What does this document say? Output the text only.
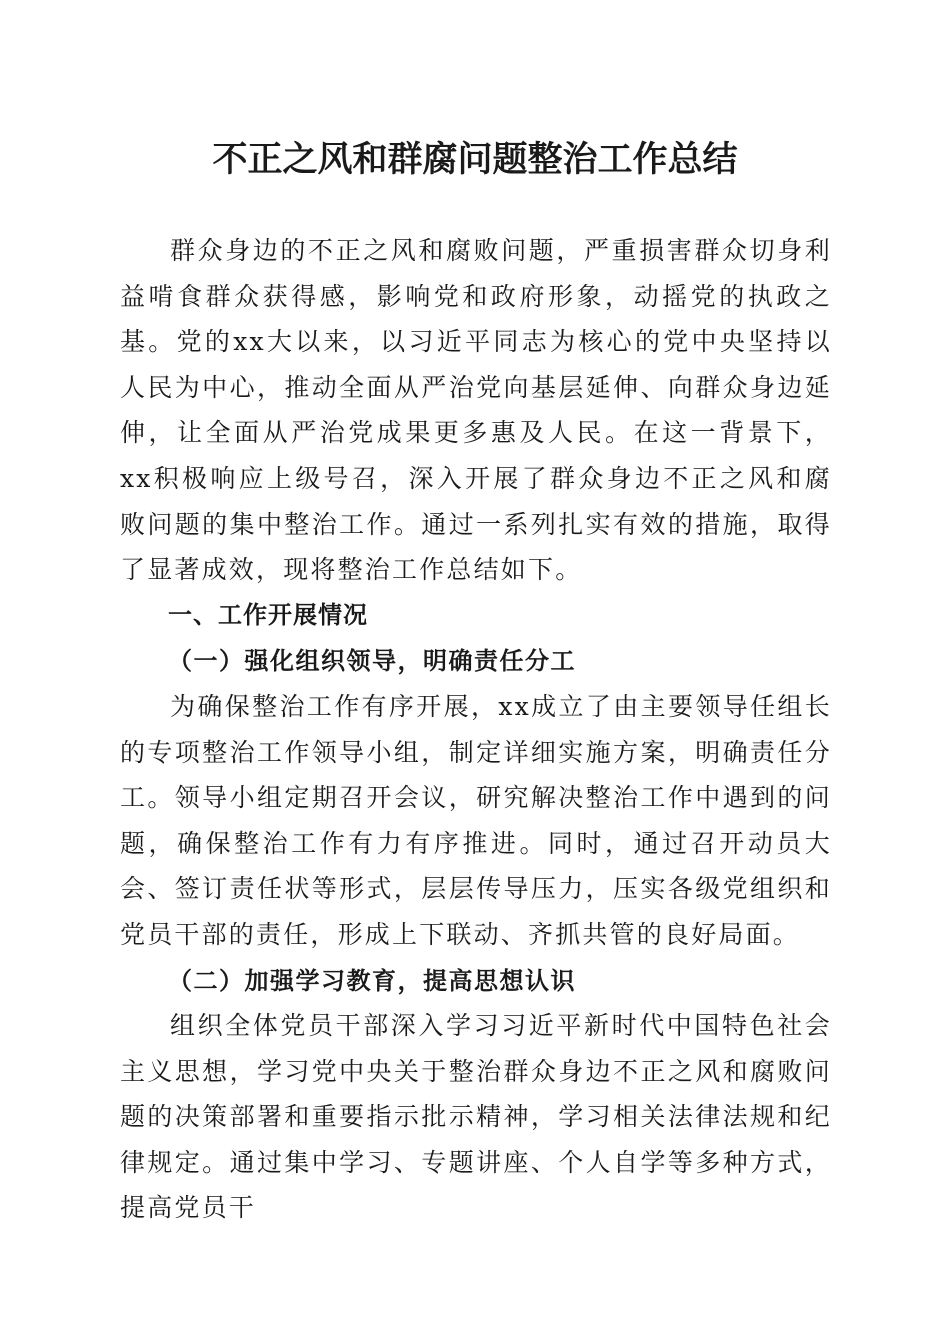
不正之风和群腐问题整治工作总结

群众身边的不正之风和腐败问题，严重损害群众切身利益啃食群众获得感，影响党和政府形象，动摇党的执政之基。党的xx大以来，以习近平同志为核心的党中央坚持以人民为中心，推动全面从严治党向基层延伸、向群众身边延伸，让全面从严治党成果更多惠及人民。在这一背景下，xx积极响应上级号召，深入开展了群众身边不正之风和腐败问题的集中整治工作。通过一系列扎实有效的措施，取得了显著成效，现将整治工作总结如下。

一、工作开展情况

（一）强化组织领导，明确责任分工

为确保整治工作有序开展，xx成立了由主要领导任组长的专项整治工作领导小组，制定详细实施方案，明确责任分工。领导小组定期召开会议，研究解决整治工作中遇到的问题，确保整治工作有力有序推进。同时，通过召开动员大会、签订责任状等形式，层层传导压力，压实各级党组织和党员干部的责任，形成上下联动、齐抓共管的良好局面。

（二）加强学习教育，提高思想认识

组织全体党员干部深入学习习近平新时代中国特色社会主义思想，学习党中央关于整治群众身边不正之风和腐败问题的决策部署和重要指示批示精神，学习相关法律法规和纪律规定。通过集中学习、专题讲座、个人自学等多种方式，提高党员干
